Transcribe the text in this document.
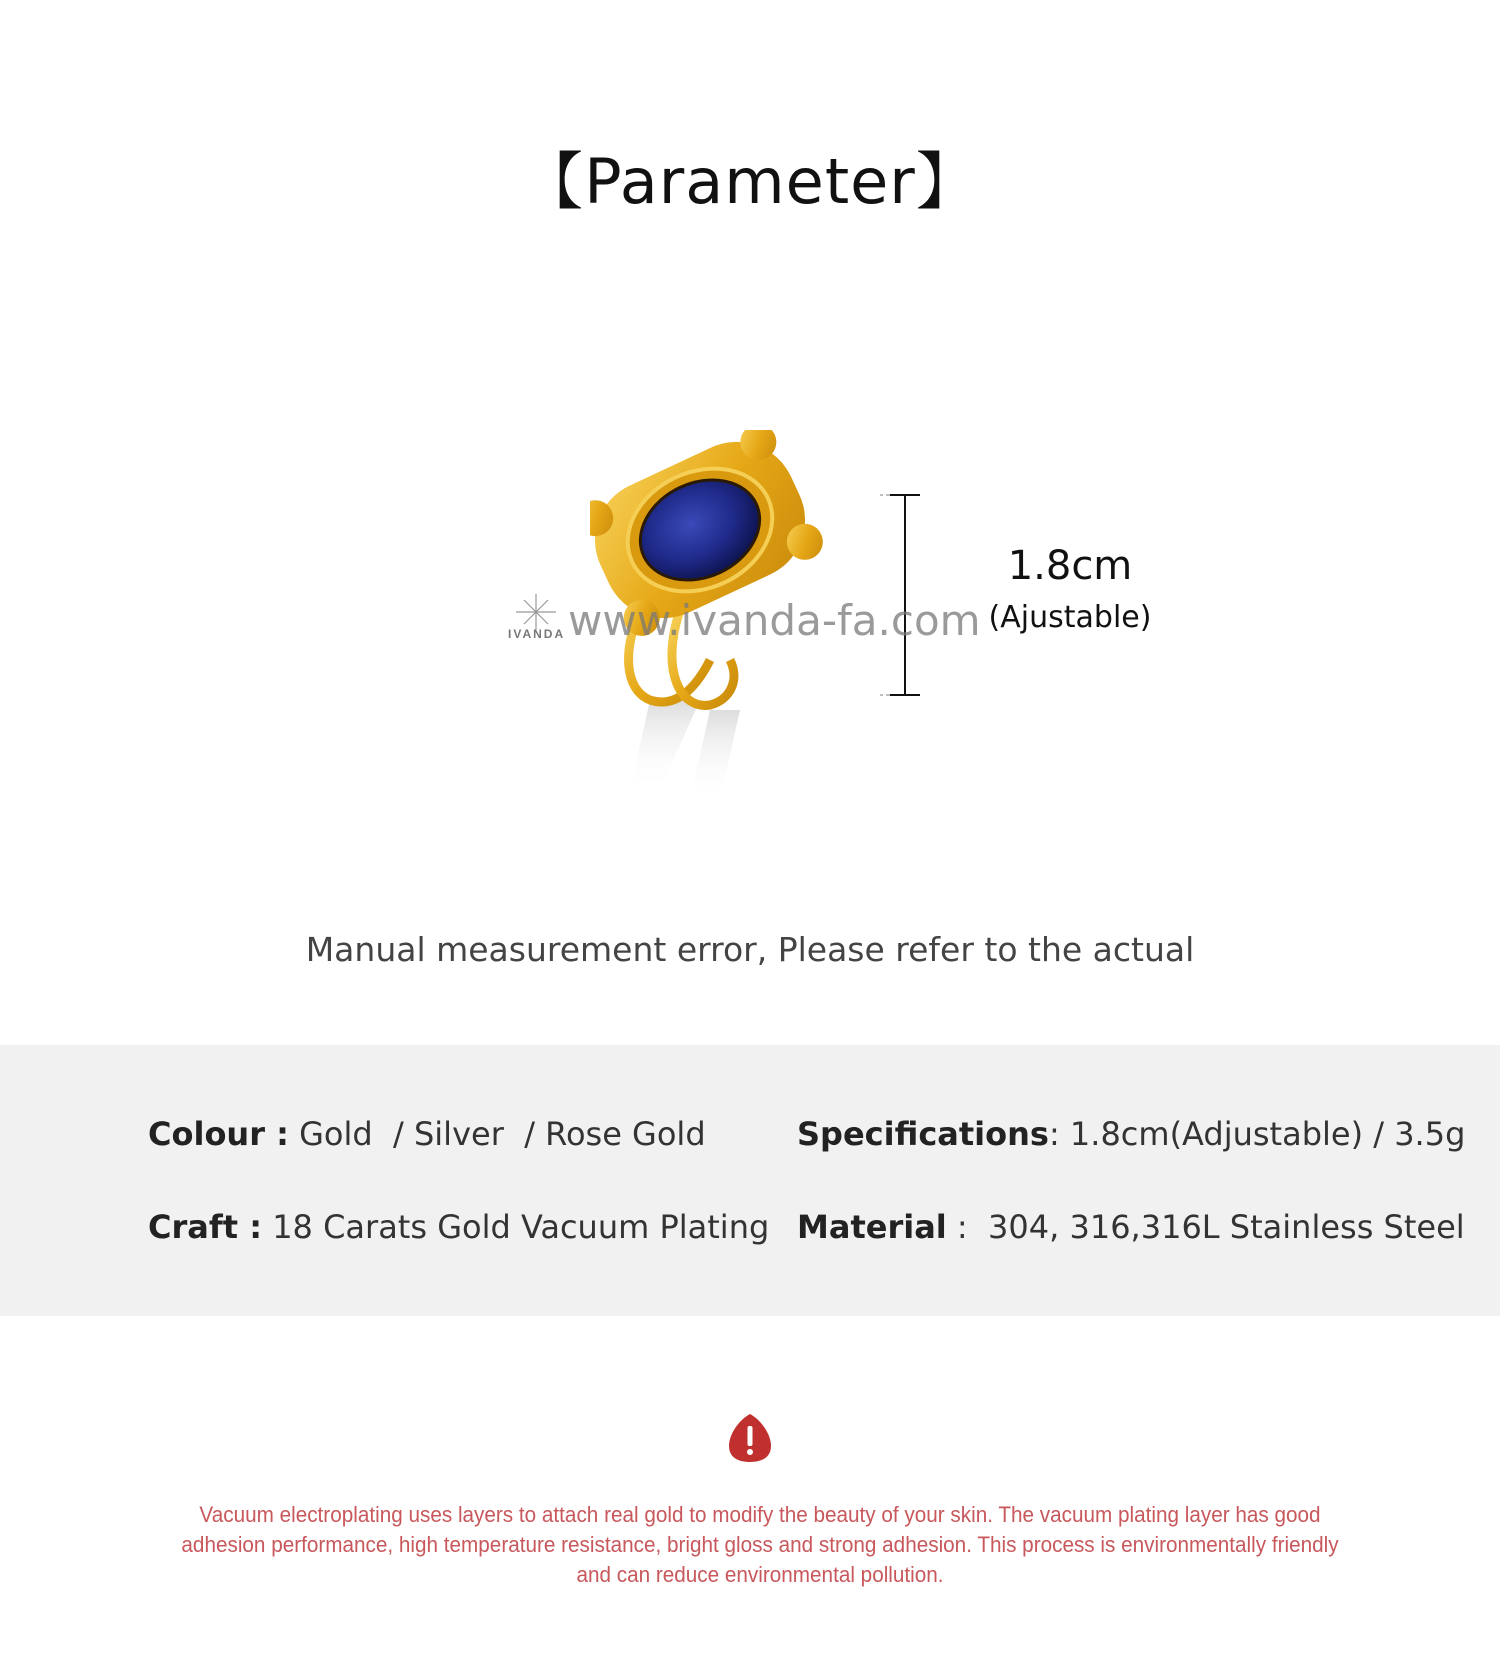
【Parameter】
1.8cm
(Ajustable)
IVANDA www.ivanda-fa.com
Manual measurement error, Please refer to the actual
Colour : Gold  / Silver  / Rose Gold	Specifications: 1.8cm(Adjustable) / 3.5g
Craft : 18 Carats Gold Vacuum Plating Material :  304, 316,316L Stainless Steel
Vacuum electroplating uses layers to attach real gold to modify the beauty of your skin. The vacuum plating layer has good adhesion performance, high temperature resistance, bright gloss and strong adhesion. This process is environmentally friendly and can reduce environmental pollution.
